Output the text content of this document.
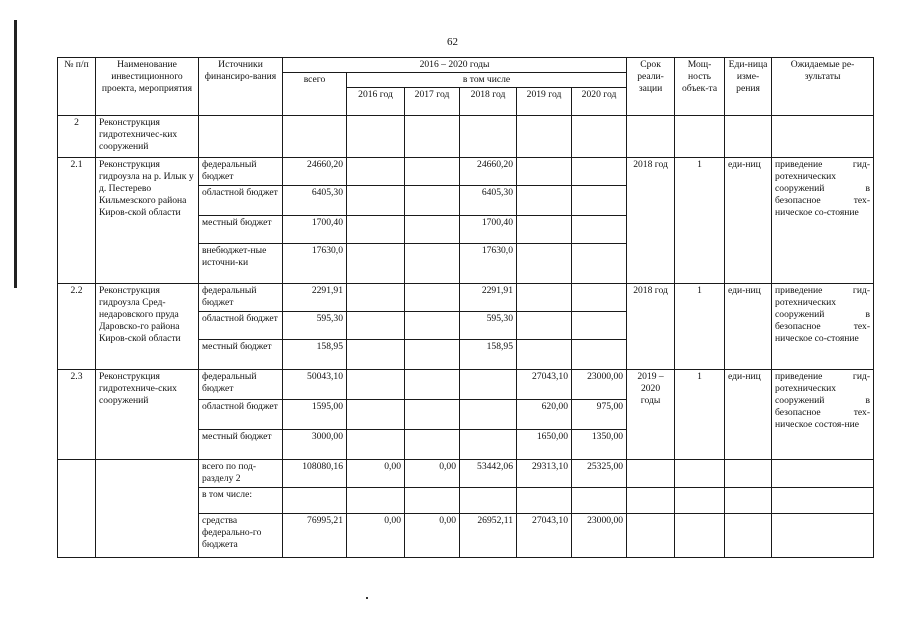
62
№ п/п	Наименование инвестиционного проекта, мероприятия	Источники финансиро-вания	2016 – 2020 годы						Срок реали-зации	Мощ-ность объек-та	Еди-ница изме-рения	Ожидаемые ре-зультаты
			всего	в том числе								
				2016 год	2017 год	2018 год	2019 год	2020 год				
2	Реконструкция гидротехничес-ких сооружений											
2.1	Реконструкция гидроузла на р. Илык у д. Пестерево Кильмезского района Киров-ской области	федеральный бюджет	24660,20			24660,20			2018 год	1	еди-ниц	приведение гид-ротехнических сооружений в безопасное тех-ническое со-стояние
		областной бюджет	6405,30			6405,30						
		местный бюджет	1700,40			1700,40						
		внебюджет-ные источни-ки	17630,0			17630,0						
2.2	Реконструкция гидроузла Сред-недаровского пруда Даровско-го района Киров-ской области	федеральный бюджет	2291,91			2291,91			2018 год	1	еди-ниц	приведение гид-ротехнических сооружений в безопасное тех-ническое со-стояние
		областной бюджет	595,30			595,30						
		местный бюджет	158,95			158,95						
2.3	Реконструкция гидротехниче-ских сооружений	федеральный бюджет	50043,10				27043,10	23000,00	2019 – 2020 годы	1	еди-ниц	приведение гид-ротехнических сооружений в безопасное тех-ническое состоя-ние
		областной бюджет	1595,00				620,00	975,00				
		местный бюджет	3000,00				1650,00	1350,00				
		всего по под-разделу 2	108080,16	0,00	0,00	53442,06	29313,10	25325,00				
		в том числе:										
		средства федерально-го бюджета	76995,21	0,00	0,00	26952,11	27043,10	23000,00				
